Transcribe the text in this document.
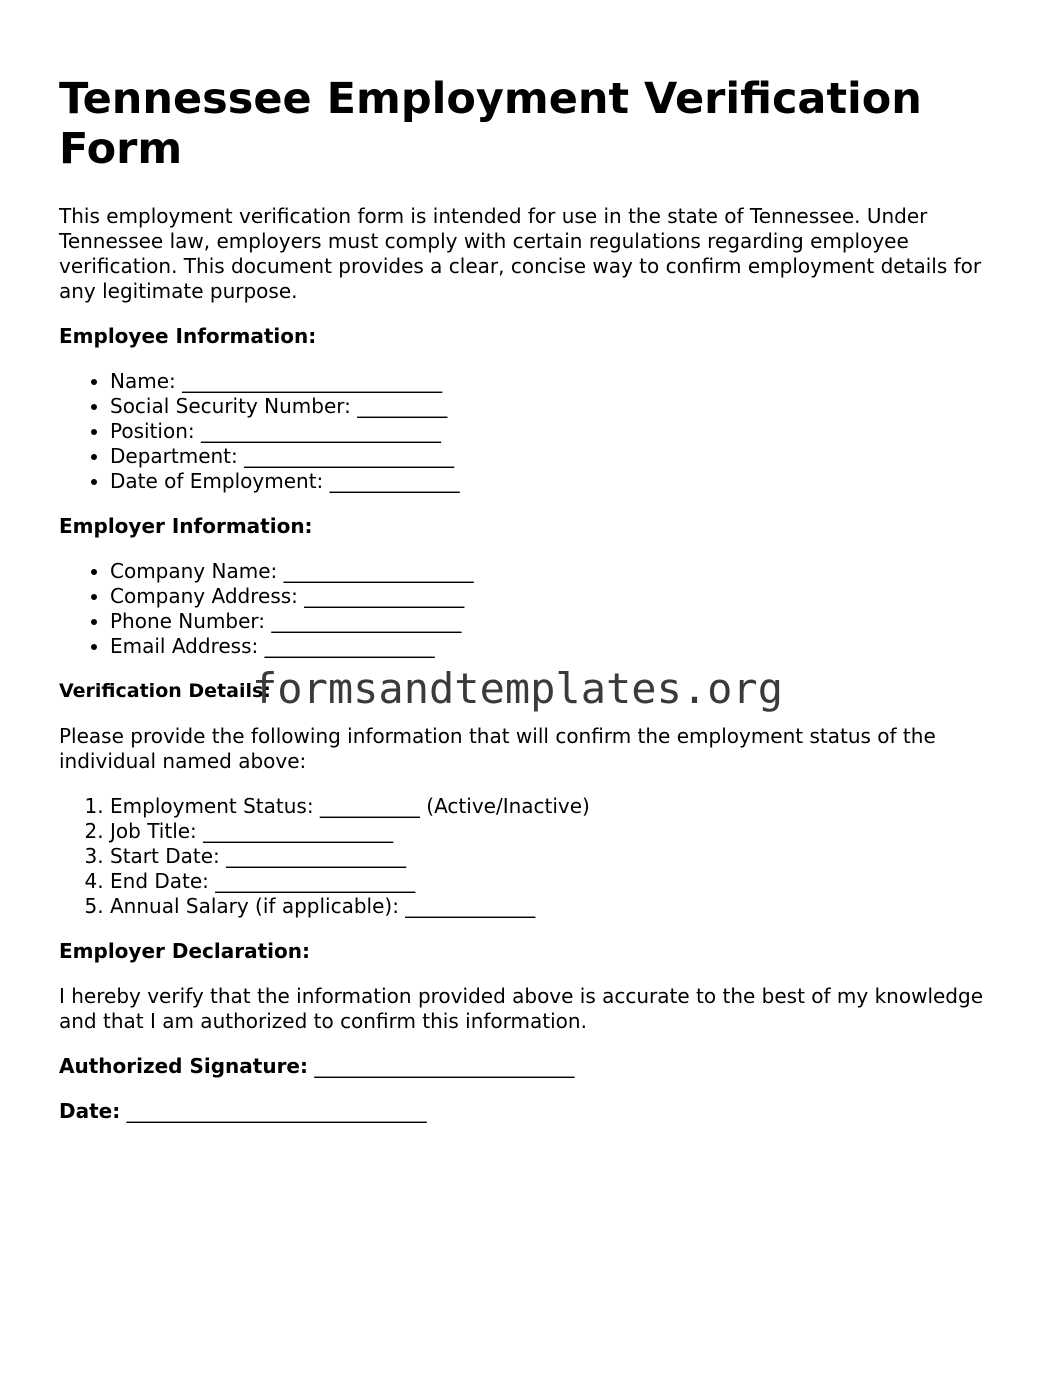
Tennessee Employment Verification Form

This employment verification form is intended for use in the state of Tennessee. Under Tennessee law, employers must comply with certain regulations regarding employee verification. This document provides a clear, concise way to confirm employment details for any legitimate purpose.

Employee Information:
• Name: __________________________
• Social Security Number: _________
• Position: ________________________
• Department: _____________________
• Date of Employment: _____________
Employer Information:
• Company Name: ___________________
• Company Address: ________________
• Phone Number: ___________________
• Email Address: _________________
Verification Details:

Please provide the following information that will confirm the employment status of the individual named above:

1. Employment Status: __________ (Active/Inactive)
2. Job Title: ___________________
3. Start Date: __________________
4. End Date: ____________________
5. Annual Salary (if applicable): _____________
Employer Declaration:

I hereby verify that the information provided above is accurate to the best of my knowledge and that I am authorized to confirm this information.

Authorized Signature: __________________________
Date: ______________________________
formsandtemplates.org
